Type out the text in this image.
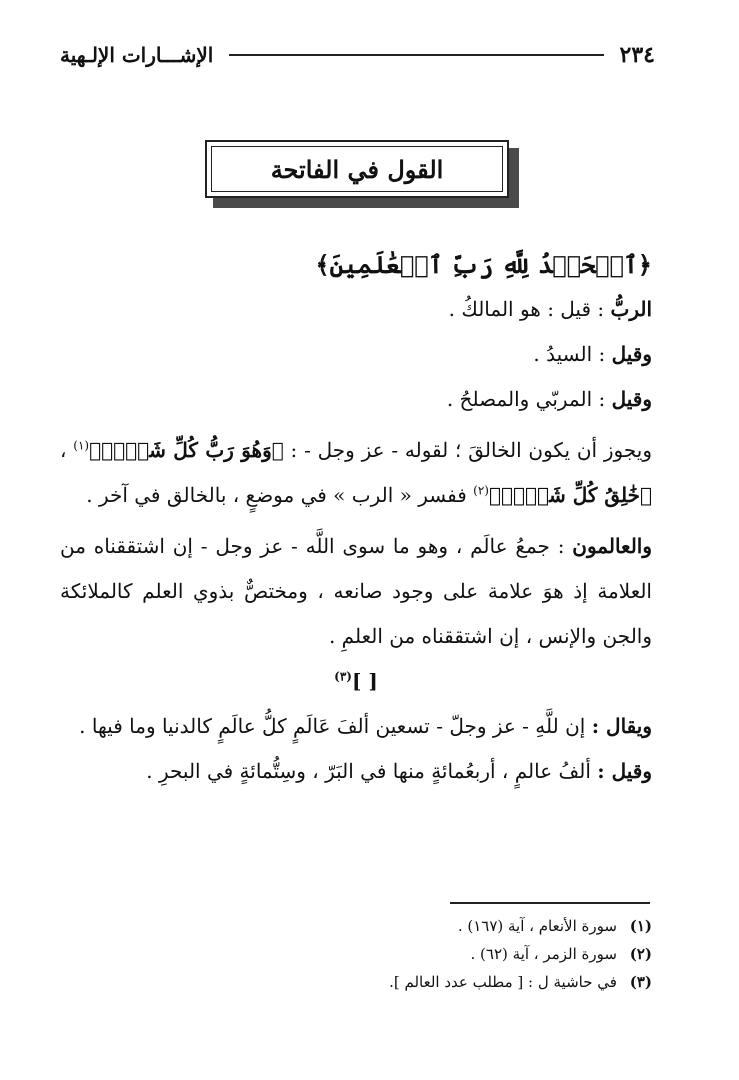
٢٣٤
الإشـــارات الإلـهية
القول في الفاتحة

﴿ٱلۡحَمۡدُ لِلَّهِ رَبِّ ٱلۡعَٰلَمِينَ﴾

الربُّ : قيل : هو المالكُ .

وقيل : السيدُ .

وقيل : المربّي والمصلحُ .

ويجوز أن يكون الخالقَ ؛ لقوله - عز وجل - : ﴿وَهُوَ رَبُّ كُلِّ شَيۡءٖ﴾$^{(١)}$ ، ﴿خَٰلِقُ كُلِّ شَيۡءٖ﴾$^{(٢)}$ ففسر « الرب » في موضعٍ ، بالخالق في آخر .

والعالمون : جمعُ عالَم ، وهو ما سوى اللَّه - عز وجل - إن اشتققناه من العلامة إذ هوَ علامة على وجود صانعه ، ومختصٌّ بذوي العلم كالملائكة والجن والإنس ، إن اشتققناه من العلمِ .

[ ]$^{(٣)}$

ويقال : إن للَّهِ - عز وجلّ - تسعين ألفَ عَالَمٍ كلُّ عالَمٍ كالدنيا وما فيها .

وقيل : ألفُ عالمٍ ، أربعُمائةٍ منها في البَرّ ، وسِتُّمائةٍ في البحرِ .

(١) سورة الأنعام ، آية (١٦٧) .
(٢) سورة الزمر ، آية (٦٢) .
(٣) في حاشية ل : [ مطلب عدد العالم ].
